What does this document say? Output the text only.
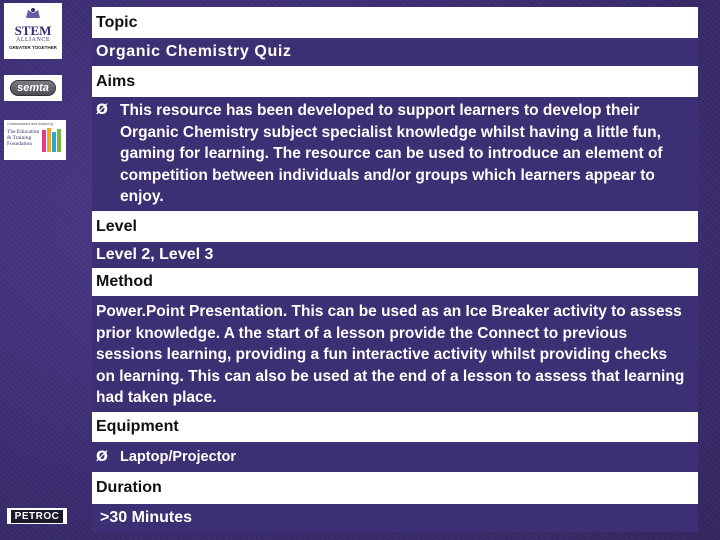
STEM
ALLIANCE
GREATER TOGETHER
semta
Commissioned and funded by
The Education & Training Foundation
PETROC
Topic
Organic Chemistry Quiz
Aims
Ø This resource has been developed to support learners to develop their Organic Chemistry subject specialist knowledge whilst having a little fun, gaming for learning. The resource can be used to introduce an element of competition between individuals and/or groups which learners appear to enjoy.
Level
Level 2, Level 3
Method
Power.Point Presentation. This can be used as an Ice Breaker activity to assess prior knowledge. A the start of a lesson provide the Connect to previous sessions learning, providing a fun interactive activity whilst providing checks on learning. This can also be used at the end of a lesson to assess that learning had taken place.
Equipment
Ø Laptop/Projector
Duration
>30 Minutes
